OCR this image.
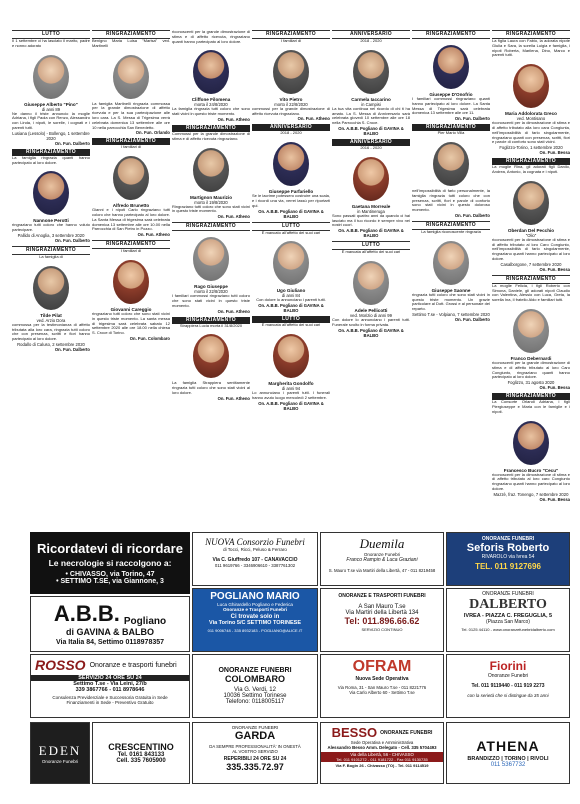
LUTTO
Il 1 settembre ci ha lasciato il marito, padre e nonno adorato
Giuseppe Alberto "Pino"
di anni 89
Ne danno il triste annuncio la moglie Adriana, i figli Paola con Renzo, Alessandro con Linda, i nipoti, le sorelle, i cognati e i parenti tutti.
Lusiana (Lessolo) - Bollengo, 1 settembre 2020
On. Fun. Dalberto
RINGRAZIAMENTO
La famiglia ringrazia quanti hanno partecipato al loro dolore.
Nannone Perotti
ringraziano tutti coloro che hanno voluto partecipare.
Pallido di Anoglia, 3 settembre 2020
On. Fun. Dalberto
RINGRAZIAMENTO
La famiglia di
Tilde Pilat
ved. Arzio Dora
commossa per la testimonianza di affetto tributata alla loro cara, ringrazia tutti coloro che con presenza, scritti e fiori hanno partecipato al loro dolore.
Rodallo di Caluso, 2 settembre 2020
On. Fun. Dalberto
RINGRAZIAMENTO
Benigno Maria Luisa "Marisa" ved. Martinelli
La famiglia Martinelli ringrazia commossa per la grande dimostrazione di affetto ricevuta e per la sua partecipazione alle loro cara. La S. Messa di Trigesima verrà celebrata domenica 13 settembre alle ore 10 nella parrocchia San Benedetto.
On. Fun. Orlando
RINGRAZIAMENTO
I familiari di
Alfredo Brunetto
Gianni e i nipoti Carlo ringraziano tutti coloro che hanno partecipato al loro dolore. La Santa Messa di trigesima sarà celebrata domenica 13 settembre alle ore 10.00 nella Parrocchia di San Pietro in Pozzo.
On. Fun. Atheno
RINGRAZIAMENTO
I familiari di
Giovanni Careggio
ringraziano tutti coloro che sono stati vicini in questo triste momento. La santa messa di trigesima sarà celebrata sabato 12 settembre 2020 alle ore 18.00 nella chiesa S. Croce di Torino.
On. Fun. Colombaro
riconoscenti per la grande dimostrazione di stima e di affetto ricevuta, ringraziano quanti hanno partecipato al loro dolore.
Cliffone Filomena
morta il 24/8/2020
La famiglia ringrazia tutti coloro che sono stati vicini in questo triste momento.
On. Fun. Atheno
RINGRAZIAMENTO
Commossi per la grande dimostrazione di stima e di affetto ricevuta ringraziano.
Martignon Maurizio
morto il 19/8/2020
Ringraziano tutti coloro che sono stati vicini in questo triste momento.
On. Fun. Atheno
RINGRAZIAMENTO
Rago Giuseppe
morto il 22/8/2020
I familiari commossi ringraziano tutti coloro che sono stati vicini in questo triste momento.
On. Fun. Atheno
RINGRAZIAMENTO
Strappiera Lucia morta il 31/8/2020
La famiglia Strappiera sentitamente ringrazia tutti coloro che sono stati vicini al loro dolore.
On. Fun. Atheno
RINGRAZIAMENTO
I familiari di
Vito Pietro
morto il 22/8/2020
commossi per la grande dimostrazione di affetto ricevuta ringraziano.
On. Fun. Atheno
ANNIVERSARIO
2018 - 2020
Giuseppe Farfariello
Se le lacrime potessero costruire una scala, e i ricordi una via, verrei lassù per riportarti qui.
On. A.B.B. Pogliano di GAVINA & BALBO
LUTTO
È mancato all'affetto dei suoi cari
Ugo Giuliano
di anni 84
Con dolore lo annunciano i parenti tutti.
On. A.B.B. Pogliano di GAVINA & BALBO
LUTTO
È mancata all'affetto dei suoi cari
Margherita Gondolfo
di anni 94
Lo annunciano i parenti tutti. I funerali hanno avuto luogo mercoledì 2 settembre.
On. A.B.B. Pogliano di GAVINA & BALBO
ANNIVERSARIO
2018 - 2020
Carmela Iaccarino
in Campisi
La tua vita continua nel ricordo di chi ti ha amato. La S. Messa di Anniversario sarà celebrata giovedì 10 settembre alle ore 18 nella Parrocchia S. Croce.
On. A.B.B. Pogliano di GAVINA & BALBO
ANNIVERSARIO
2016 - 2020
Gaetana Morreale
in Mantineruga
Sono passati quattro anni da quando ci hai lasciato ma il tuo ricordo è sempre vivo nei nostri cuori.
On. A.B.B. Pogliano di GAVINA & BALBO
LUTTO
È mancata all'affetto dei suoi cari
Adele Pellicotti
ved. Morizio di anni 99
Con dolore lo annunciano i parenti tutti. Funerale svolto in forma privata.
On. A.B.B. Pogliano di GAVINA & BALBO
RINGRAZIAMENTO
Giuseppe D'Onofrio
I familiari commossi ringraziano quanti hanno partecipato al loro dolore. La Santa Messa di Trigesima sarà celebrata domenica 13 settembre alle ore 11.
On. Fun. Dalberto
RINGRAZIAMENTO
Pier Mario Villa
nell'impossibilità di farlo personalmente, la famiglia ringrazia tutti coloro che con presenza, scritti, fiori e parole di conforto sono stati vicini in questo doloroso momento.
On. Fun. Dalberto
RINGRAZIAMENTO
La famiglia riconoscente ringrazia
Giuseppe Saonne
ringrazia tutti coloro che sono stati vicini in questo triste momento. Un grazie particolare al Dott. Grossi e al personale del reparto.
Settimo T.se - Volpiano, 7 settembre 2020
On. Fun. Dalberto
RINGRAZIAMENTO
La figlia Laura con Fabio, la adorata nipote Giulia e Sara, la sorella Luigia e famiglia, i nipoti Roberta, Marilena, Dino, Marco e parenti tutti.
Maria Addolorata Greco
ved. Montisano
riconoscenti per la dimostrazione di stima e di affetto tributato alla loro cara Congiunta, nell'impossibilità di farlo singolarmente, ringraziano quanti con presenza, scritti, fiori e parole di conforto sono stati vicini.
Foglizzo-Torino, 1 settembre 2020
On. Fun. Bessa
RINGRAZIAMENTO
La moglie Rina, gli adorati figli Danilo, Andrea, Antonio, la cognata e i nipoti.
Oberdan Del Pecchio
"Olio"
riconoscenti per la dimostrazione di stima e di affetto tributato al loro Caro Congiunto, nell'impossibilità di farlo singolarmente, ringraziano quanti hanno partecipato al loro dolore.
Casalborgone, 7 settembre 2020
On. Fun. Bessa
RINGRAZIAMENTO
La moglie Felicia, i figli Roberto con Simona, Daniele, gli adorati nipoti Claudio con Valentina, Alessio con Luca, Greta, la sorella Ina, il fratello Aldo e familiari tutti.
Franco Debernardi
riconoscenti per la grande dimostrazione di stima e di affetto tributato al loro Caro Congiunto, ringraziano quanti hanno partecipato al loro dolore.
Foglizzo, 31 agosto 2020
On. Fun. Bessa
RINGRAZIAMENTO
La Consorte Orlandi Adriana, i figli Piergiuseppe e Maria con le famiglie e i nipoti.
Francesco Bucro "Cecu"
riconoscenti per la dimostrazione di stima e di affetto tributato al loro caro Congiunto ringraziano quanti hanno partecipato al loro dolore.
Mazzè, fraz. Tonengo, 7 settembre 2020
On. Fun. Bessa
Ricordatevi di ricordare
Le necrologie si raccolgono a:
• CHIVASSO, via Torino, 47
• SETTIMO T.SE, via Giannone, 3
NUOVA Consorzio Funebri
di Tocci, Ricci, Peluso & Ferraro
Via C. Giuffredo 107 - CANAVACCIO
011 9619766 - 3346906610 - 3387761302
Duemila
Onoranze Funebri
Franco Rampin & Luca Graziani
S. Mauro T.se via Martiri della Libertà, 47 - 011 8219458
ONORANZE FUNEBRI
Seforis Roberto
RIVAROLO via Ivrea 54
TEL. 011 9127696
A.B.B. Pogliano
di GAVINA & BALBO
Via Italia 84, Settimo 0118978357
POGLIANO MARIO
Luca Ghirardello Pogliano e Federica
Onoranze e Trasporti Funebri
Ci trovate solo in
Via Torino 5/C SETTIMO TORINESE
011 9006748 - 335 8932183 - POGLIANO@ALICE.IT
ONORANZE E TRASPORTI FUNEBRI
A San Mauro T.se
Via Martiri della Libertà 134
Tel: 011.896.66.62
SERVIZIO CONTINUO
ONORANZE FUNEBRI
DALBERTO
IVREA - PIAZZA C. FREGUGLIA, 5
(Piazza San Marco)
Tel. 0125 44110 - www.onoranzefunebridalberto.com
ROSSO Onoranze e trasporti funebri
SERVIZIO 24 ORE SU 24
Settimo T.se - Via Leini, 27/b
339 3867766 - 011 8978646
Consulenza Previdenziale e Successoria Gratuita in Sede
Finanziamenti in Sede - Preventivo Gratuito
ONORANZE FUNEBRI
COLOMBARO
Via G. Verdi, 12
10036 Settimo Torinese
Telefono: 0118005117
OFRAM
Nuova Sede Operativa
Via Roma, 31 - San Mauro T.se - 011 8221776
Via Carlo Alberto 60 - Settimo T.se
Fiorini
Onoranze Funebri
Tel. 011 9119440 - 011 919 2273
con la serietà che si distingue da 35 anni
EDEN
Onoranze Funebri
CRESCENTINO
Tel. 0161 843133
Cell. 335 7605900
ONORANZE FUNEBRI
GARDA
DA SEMPRE PROFESSIONALITÀ' IN ONESTÀ
AL VOSTRO SERVIZIO
REPERIBILI 24 ORE SU 24
335.335.72.97
BESSO ONORANZE FUNEBRI
Sede Operativa e Amministrativa
Alessandro Besso Amm. Delegato - Cell. 335 5704493
Via della Libertà, 56 - CHIVASSO
Tel. 011 9101272 - 011 9181722 - Fax 011 9130735
Via F. Bogin 26 - Chivasso (TO) - Tel. 011 9114519
ATHENA
BRANDIZZO | TORINO | RIVOLI
011 5367732
